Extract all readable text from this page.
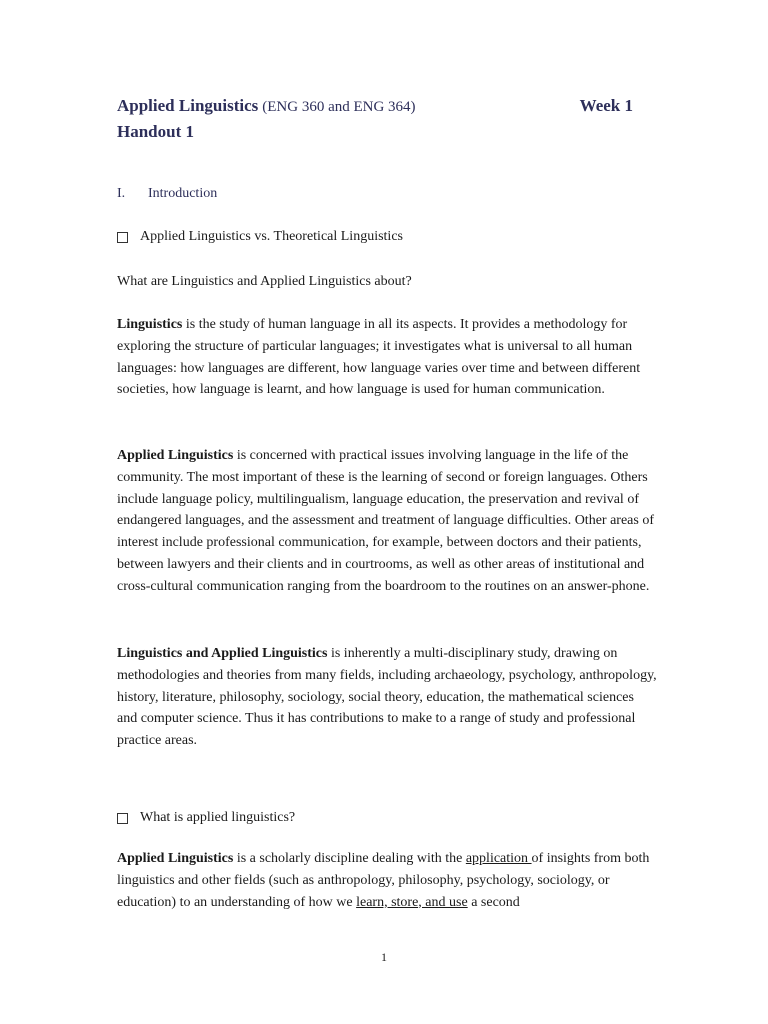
Applied Linguistics (ENG 360 and ENG 364)	Week 1
Handout 1
I. Introduction
Applied Linguistics vs. Theoretical Linguistics
What are Linguistics and Applied Linguistics about?
Linguistics is the study of human language in all its aspects. It provides a methodology for exploring the structure of particular languages; it investigates what is universal to all human languages: how languages are different, how language varies over time and between different societies, how language is learnt, and how language is used for human communication.
Applied Linguistics is concerned with practical issues involving language in the life of the community. The most important of these is the learning of second or foreign languages. Others include language policy, multilingualism, language education, the preservation and revival of endangered languages, and the assessment and treatment of language difficulties. Other areas of interest include professional communication, for example, between doctors and their patients, between lawyers and their clients and in courtrooms, as well as other areas of institutional and cross-cultural communication ranging from the boardroom to the routines on an answer-phone.
Linguistics and Applied Linguistics is inherently a multi-disciplinary study, drawing on methodologies and theories from many fields, including archaeology, psychology, anthropology, history, literature, philosophy, sociology, social theory, education, the mathematical sciences and computer science. Thus it has contributions to make to a range of study and professional practice areas.
What is applied linguistics?
Applied Linguistics is a scholarly discipline dealing with the application of insights from both linguistics and other fields (such as anthropology, philosophy, psychology, sociology, or education) to an understanding of how we learn, store, and use a second
1
